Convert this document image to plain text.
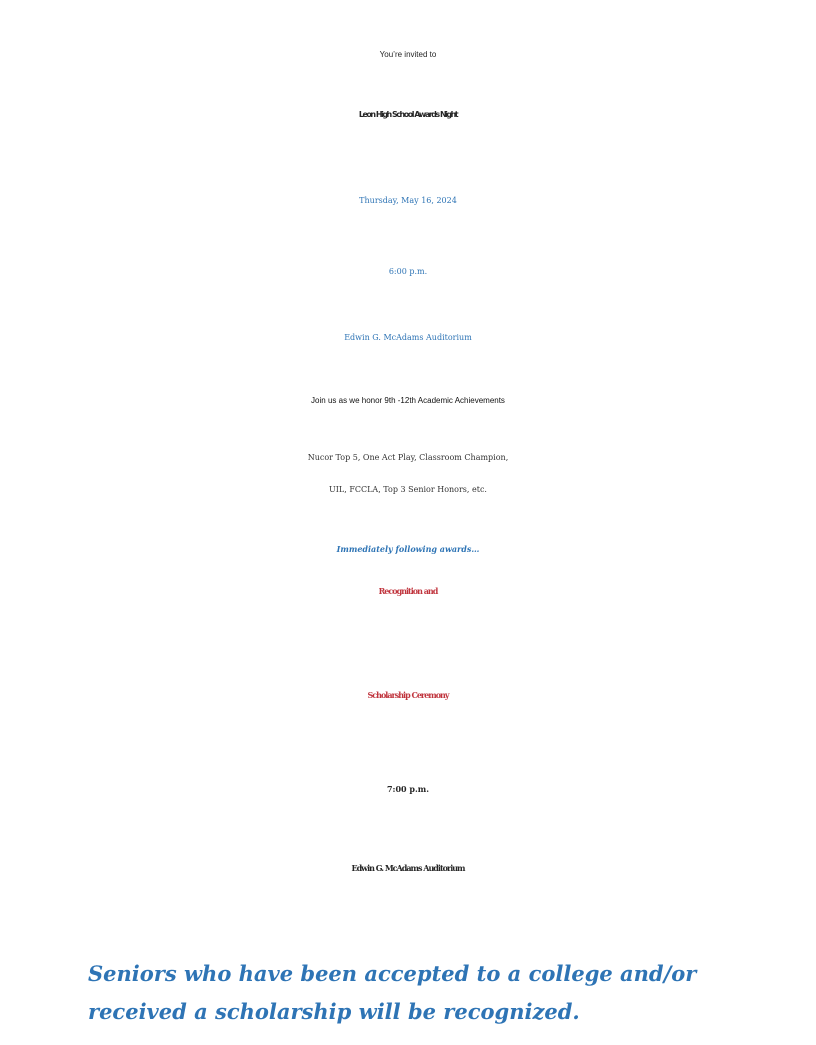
You’re invited to
Leon High School Awards Night
Thursday, May 16, 2024
6:00 p.m.
Edwin G. McAdams Auditorium
Join us as we honor 9th -12th Academic Achievements
Nucor Top 5, One Act Play, Classroom Champion,
UIL, FCCLA, Top 3 Senior Honors, etc.
Immediately following awards…
Recognition and
Scholarship Ceremony
7:00 p.m.
Edwin G. McAdams Auditorium
Seniors who have been accepted to a college and/or received a scholarship will be recognized.
